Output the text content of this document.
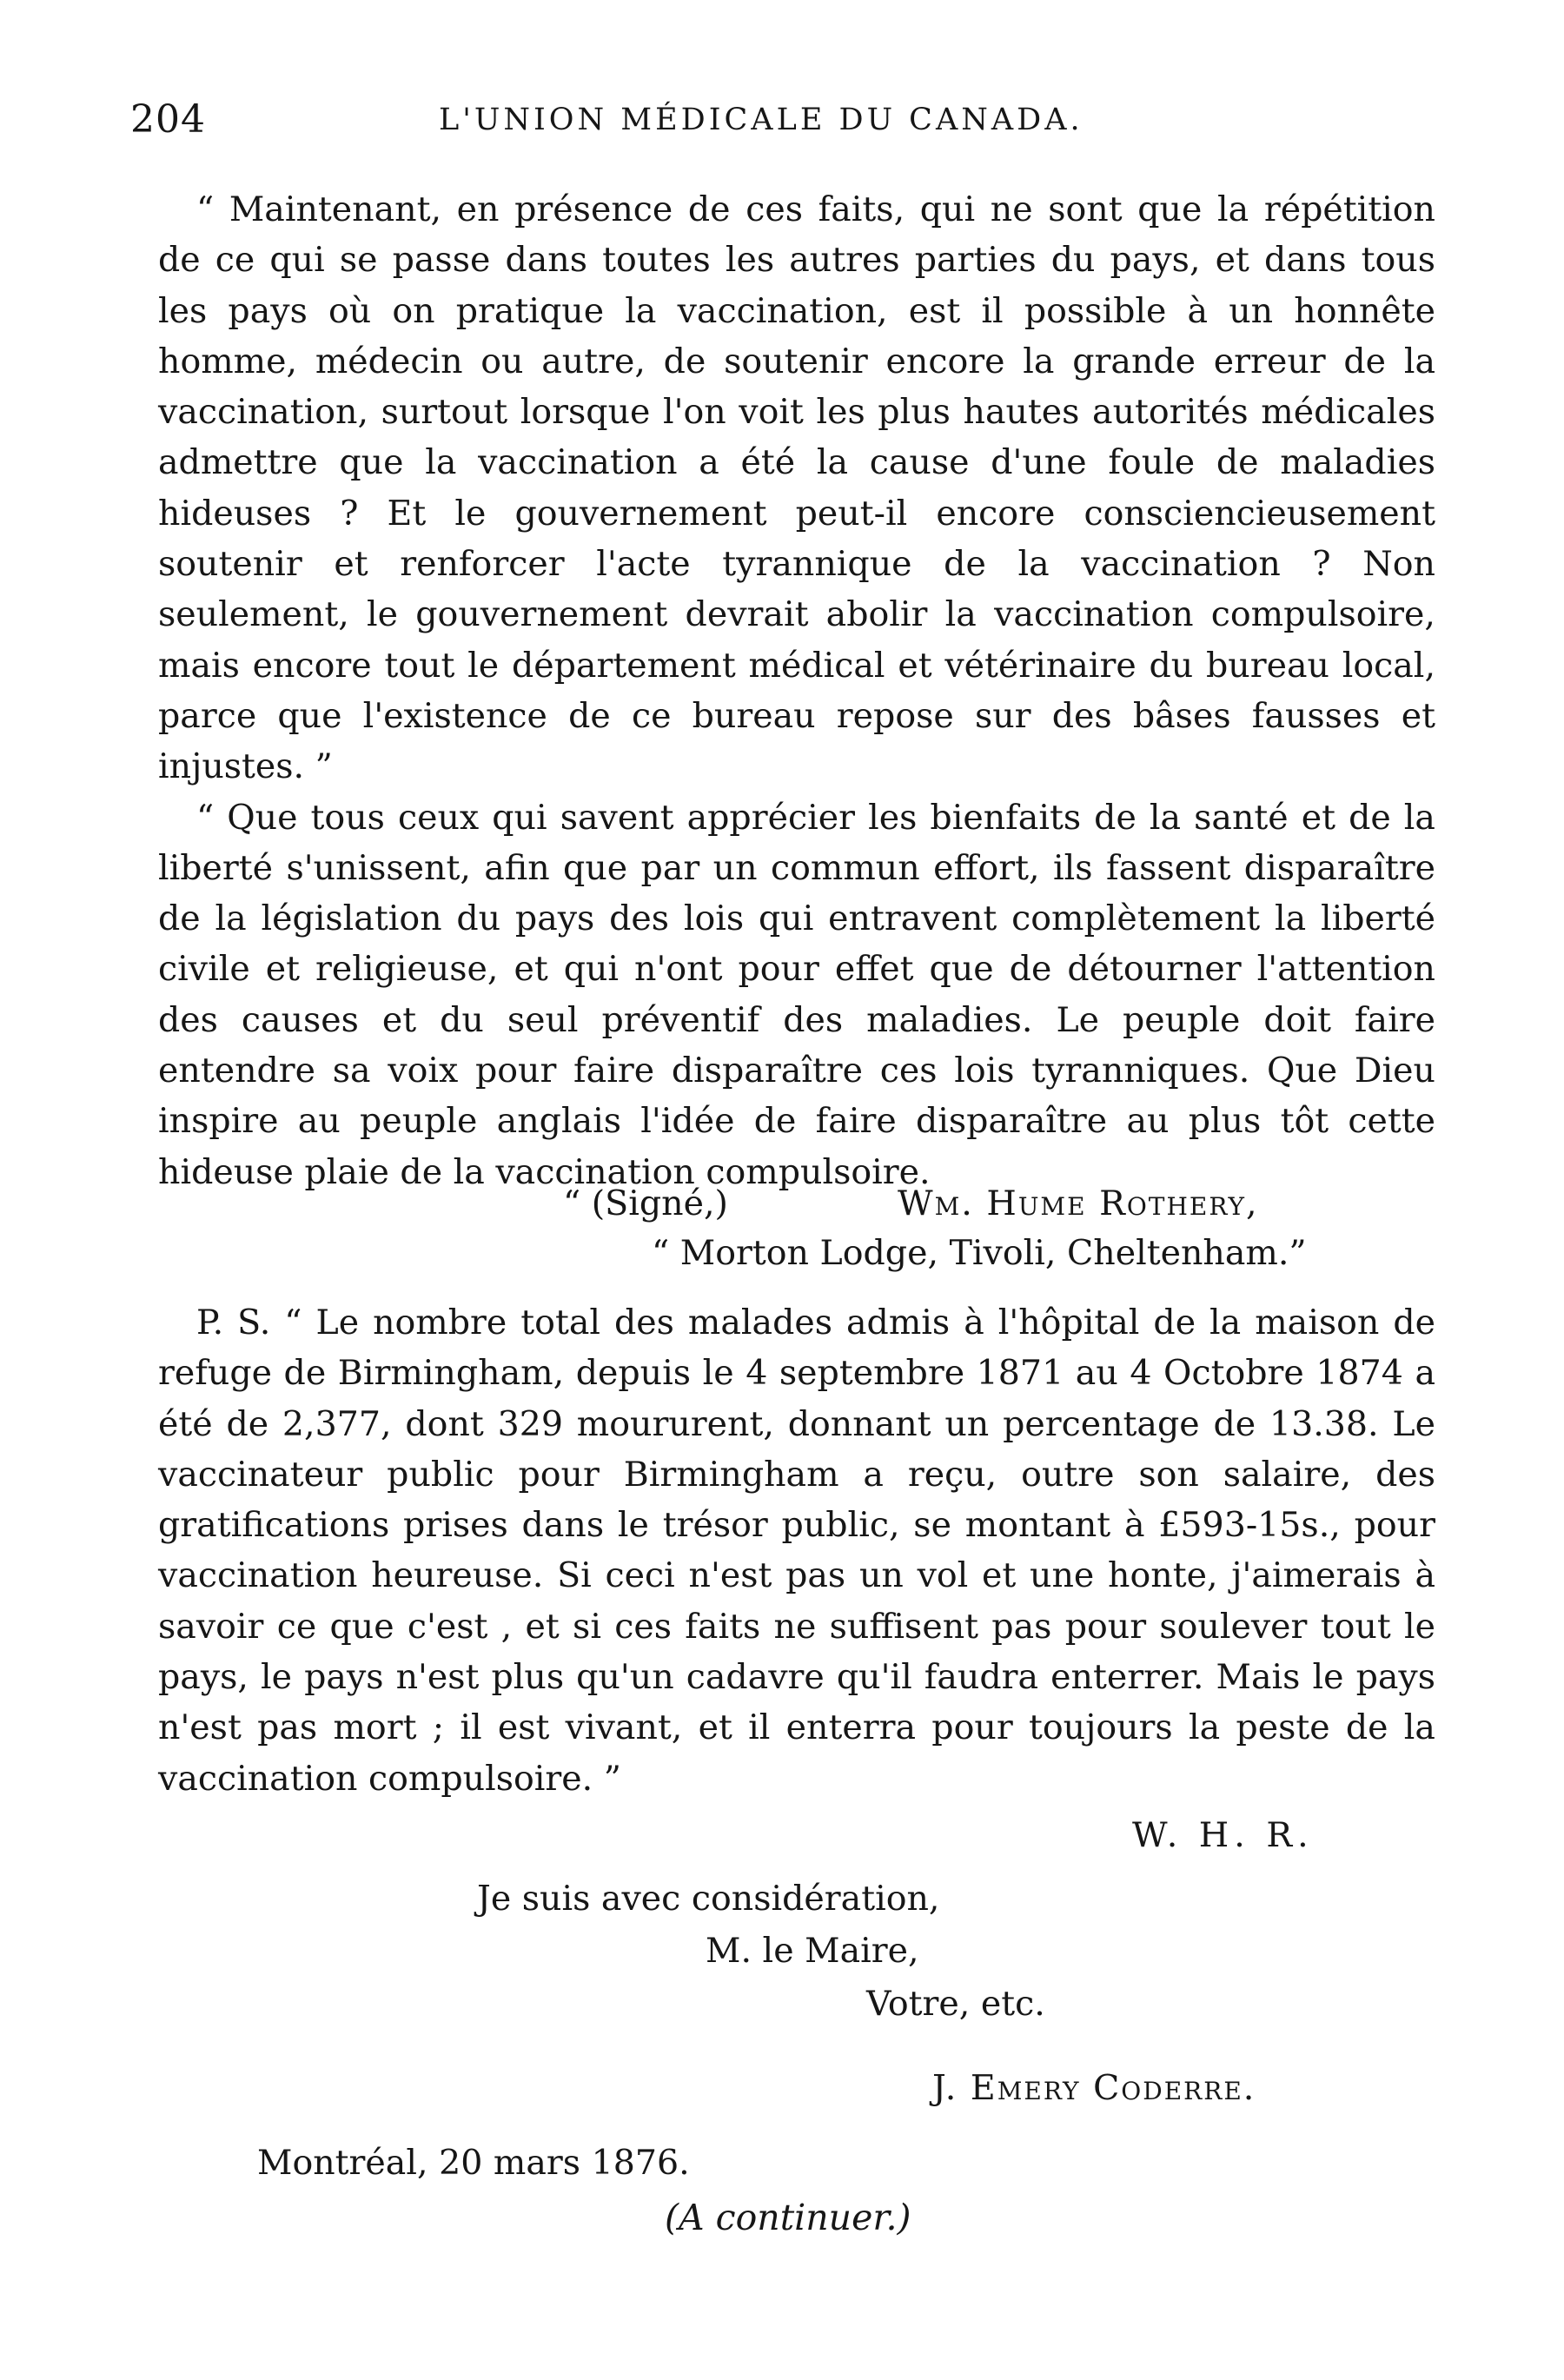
204	L'UNION MÉDICALE DU CANADA.

“ Maintenant, en présence de ces faits, qui ne sont que la répétition de ce qui se passe dans toutes les autres parties du pays, et dans tous les pays où on pratique la vaccination, est il possible à un honnête homme, médecin ou autre, de soutenir encore la grande erreur de la vaccination, surtout lorsque l'on voit les plus hautes autorités médicales admettre que la vaccination a été la cause d'une foule de maladies hideuses ? Et le gouvernement peut-il encore consciencieusement soutenir et renforcer l'acte tyrannique de la vaccination ? Non seulement, le gouvernement devrait abolir la vaccination compulsoire, mais encore tout le département médical et vétérinaire du bureau local, parce que l'existence de ce bureau repose sur des bâses fausses et injustes. ”

“ Que tous ceux qui savent apprécier les bienfaits de la santé et de la liberté s'unissent, afin que par un commun effort, ils fassent disparaître de la législation du pays des lois qui entravent complètement la liberté civile et religieuse, et qui n'ont pour effet que de détourner l'attention des causes et du seul préventif des maladies. Le peuple doit faire entendre sa voix pour faire disparaître ces lois tyranniques. Que Dieu inspire au peuple anglais l'idée de faire disparaître au plus tôt cette hideuse plaie de la vaccination compulsoire.

“ (Signé,)	Wm. Hume Rothery,
“ Morton Lodge, Tivoli, Cheltenham.”

P. S. “ Le nombre total des malades admis à l'hôpital de la maison de refuge de Birmingham, depuis le 4 septembre 1871 au 4 Octobre 1874 a été de 2,377, dont 329 moururent, donnant un percentage de 13.38. Le vaccinateur public pour Birmingham a reçu, outre son salaire, des gratifications prises dans le trésor public, se montant à £593-15s., pour vaccination heureuse. Si ceci n'est pas un vol et une honte, j'aimerais à savoir ce que c'est , et si ces faits ne suffisent pas pour soulever tout le pays, le pays n'est plus qu'un cadavre qu'il faudra enterrer. Mais le pays n'est pas mort ; il est vivant, et il enterra pour toujours la peste de la vaccination compulsoire. ”

W. H. R.
Je suis avec considération,
M. le Maire,
Votre, etc.
J. Emery Coderre.
Montréal, 20 mars 1876.
(A continuer.)
